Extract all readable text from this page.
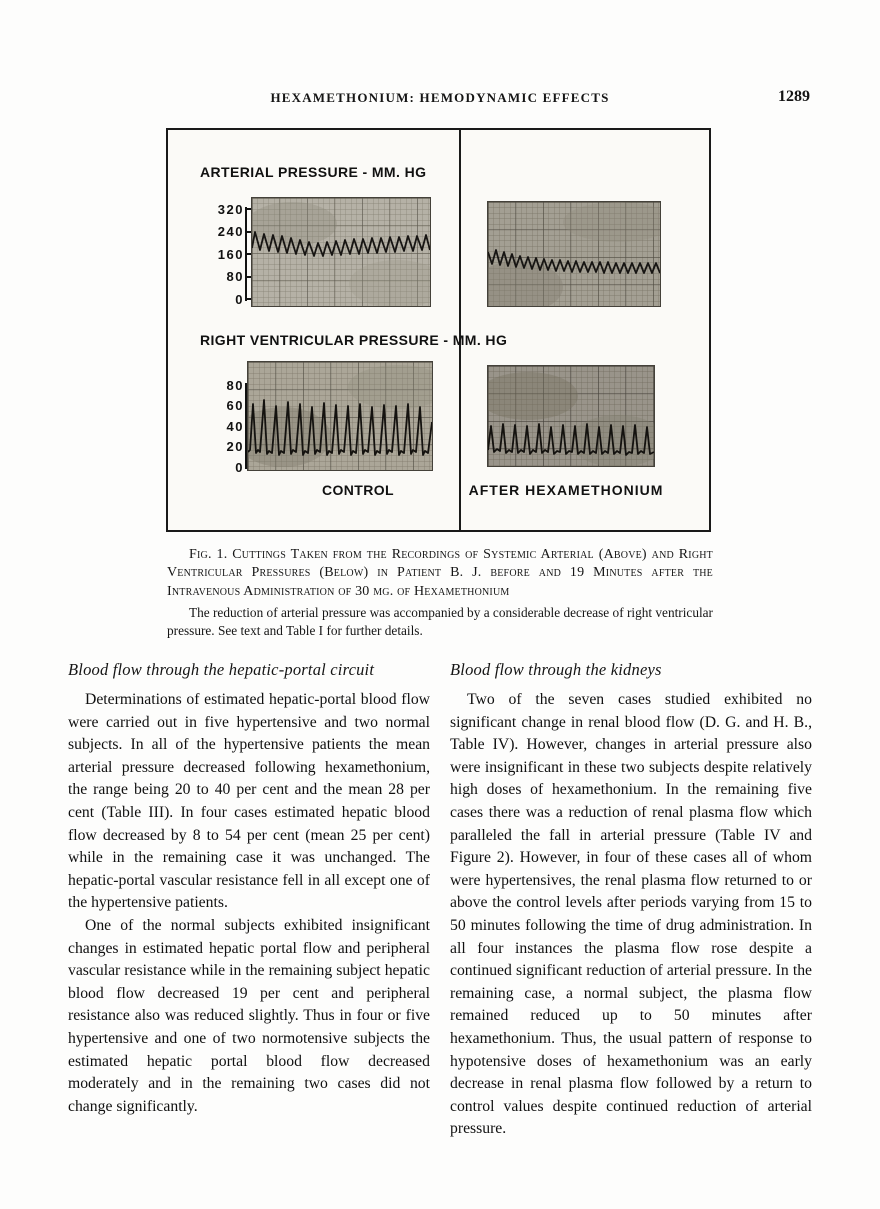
HEXAMETHONIUM: HEMODYNAMIC EFFECTS	1289
ARTERIAL PRESSURE - MM. HG
320
240
160
80
0
RIGHT VENTRICULAR PRESSURE - MM. HG
80
60
40
20
0
CONTROL	AFTER HEXAMETHONIUM

Fig. 1. Cuttings Taken from the Recordings of Systemic Arterial (Above) and Right Ventricular Pressures (Below) in Patient B. J. before and 19 Minutes after the Intravenous Administration of 30 mg. of Hexamethonium

The reduction of arterial pressure was accompanied by a considerable decrease of right ventricular pressure. See text and Table I for further details.

Blood flow through the hepatic-portal circuit

Determinations of estimated hepatic-portal blood flow were carried out in five hypertensive and two normal subjects. In all of the hypertensive patients the mean arterial pressure decreased following hexamethonium, the range being 20 to 40 per cent and the mean 28 per cent (Table III). In four cases estimated hepatic blood flow decreased by 8 to 54 per cent (mean 25 per cent) while in the remaining case it was unchanged. The hepatic-portal vascular resistance fell in all except one of the hypertensive patients.

One of the normal subjects exhibited insignificant changes in estimated hepatic portal flow and peripheral vascular resistance while in the remaining subject hepatic blood flow decreased 19 per cent and peripheral resistance also was reduced slightly. Thus in four or five hypertensive and one of two normotensive subjects the estimated hepatic portal blood flow decreased moderately and in the remaining two cases did not change significantly.

Blood flow through the kidneys

Two of the seven cases studied exhibited no significant change in renal blood flow (D. G. and H. B., Table IV). However, changes in arterial pressure also were insignificant in these two subjects despite relatively high doses of hexamethonium. In the remaining five cases there was a reduction of renal plasma flow which paralleled the fall in arterial pressure (Table IV and Figure 2). However, in four of these cases all of whom were hypertensives, the renal plasma flow returned to or above the control levels after periods varying from 15 to 50 minutes following the time of drug administration. In all four instances the plasma flow rose despite a continued significant reduction of arterial pressure. In the remaining case, a normal subject, the plasma flow remained reduced up to 50 minutes after hexamethonium. Thus, the usual pattern of response to hypotensive doses of hexamethonium was an early decrease in renal plasma flow followed by a return to control values despite continued reduction of arterial pressure.
